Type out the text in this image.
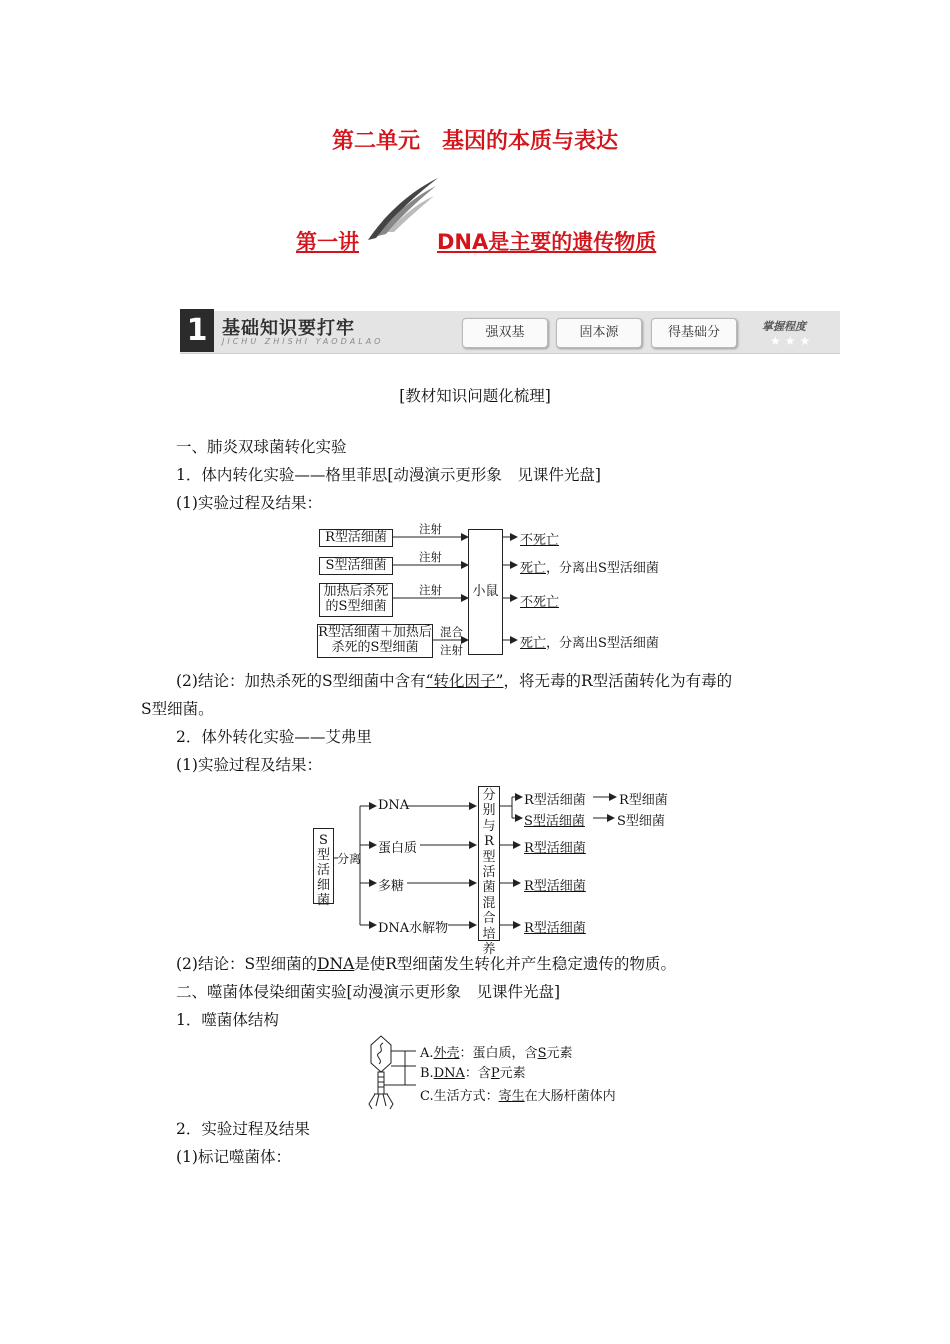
第二单元 基因的本质与表达
第一讲	DNA是主要的遗传物质
1 基础知识要打牢
JICHU ZHISHI YAODALAO
强双基	固本源	得基础分	掌握程度
★★★
[教材知识问题化梳理]
一、肺炎双球菌转化实验
1．体内转化实验——格里菲思[动漫演示更形象　见课件光盘]
(1)实验过程及结果：
R型活细菌
S型活细菌
加热后杀死的S型细菌
R型活细菌＋加热后杀死的S型细菌
注射
注射
注射
混合
注射
小鼠
不死亡
死亡，分离出S型活细菌
不死亡
死亡，分离出S型活细菌
(2)结论：加热杀死的S型细菌中含有“转化因子”，将无毒的R型活菌转化为有毒的
S型细菌。
2．体外转化实验——艾弗里
(1)实验过程及结果：
S型活细菌
分离
DNA
蛋白质
多糖
DNA水解物
分别与R型活菌混合培养
R型活细菌
S型活细菌
R型活细菌
R型活细菌
R型活细菌
R型细菌
S型细菌
(2)结论：S型细菌的DNA是使R型细菌发生转化并产生稳定遗传的物质。
二、噬菌体侵染细菌实验[动漫演示更形象　见课件光盘]
1．噬菌体结构
A.外壳：蛋白质，含S元素
B.DNA：含P元素
C.生活方式：寄生在大肠杆菌体内
2．实验过程及结果
(1)标记噬菌体：
